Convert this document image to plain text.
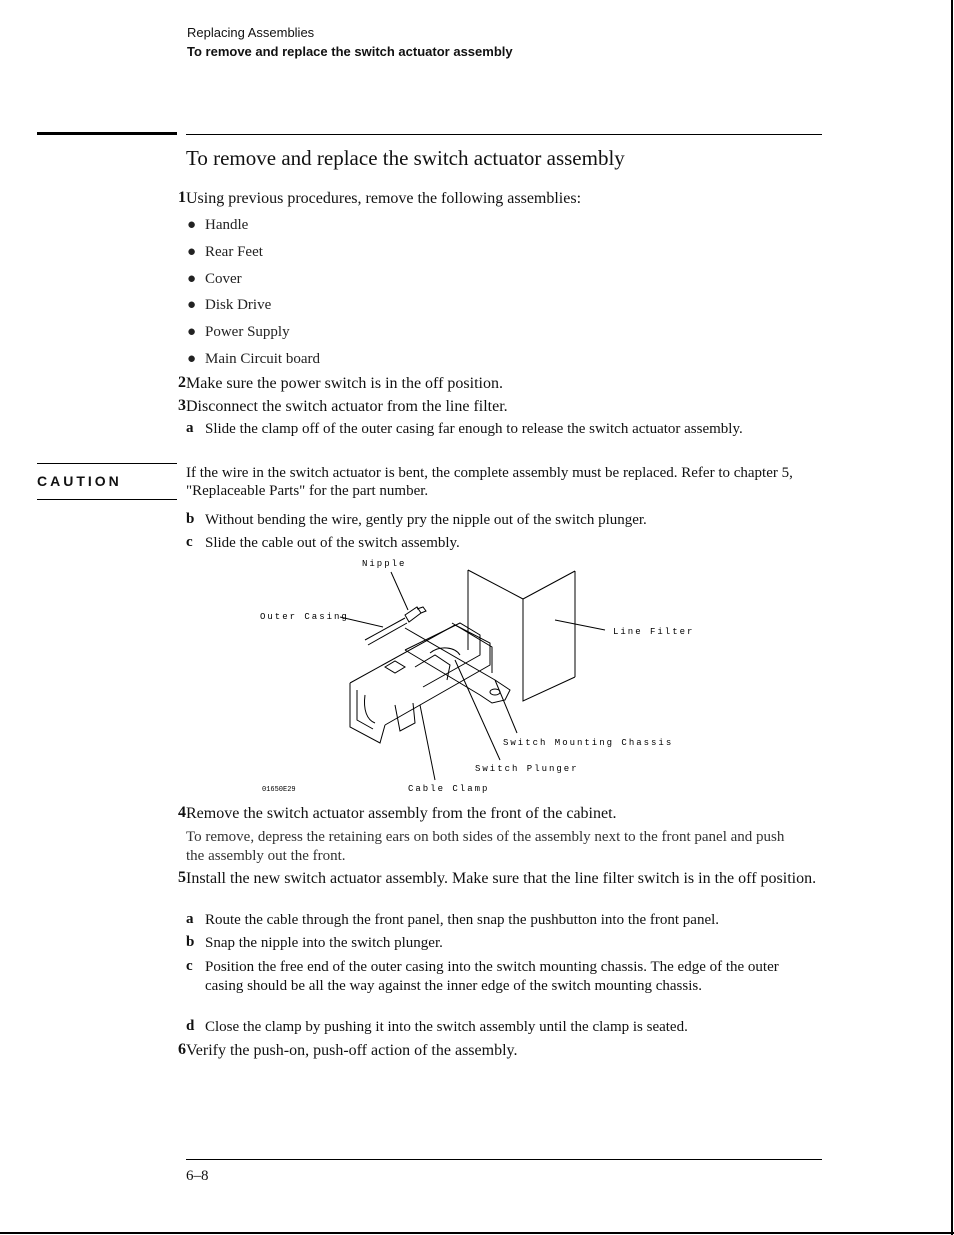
Replacing Assemblies
To remove and replace the switch actuator assembly
To remove and replace the switch actuator assembly
1 Using previous procedures, remove the following assemblies:
● Handle
● Rear Feet
● Cover
● Disk Drive
● Power Supply
● Main Circuit board
2 Make sure the power switch is in the off position.
3 Disconnect the switch actuator from the line filter.
a Slide the clamp off of the outer casing far enough to release the switch actuator assembly.
CAUTION	If the wire in the switch actuator is bent, the complete assembly must be replaced. Refer to chapter 5, "Replaceable Parts" for the part number.
b Without bending the wire, gently pry the nipple out of the switch plunger.
c Slide the cable out of the switch assembly.
Nipple
Outer Casing
Line Filter
Switch Mounting Chassis
Switch Plunger
Cable Clamp
01650E29
4 Remove the switch actuator assembly from the front of the cabinet.
To remove, depress the retaining ears on both sides of the assembly next to the front panel and push the assembly out the front.
5 Install the new switch actuator assembly. Make sure that the line filter switch is in the off position.
a Route the cable through the front panel, then snap the pushbutton into the front panel.
b Snap the nipple into the switch plunger.
c Position the free end of the outer casing into the switch mounting chassis. The edge of the outer casing should be all the way against the inner edge of the switch mounting chassis.
d Close the clamp by pushing it into the switch assembly until the clamp is seated.
6 Verify the push-on, push-off action of the assembly.
6–8
